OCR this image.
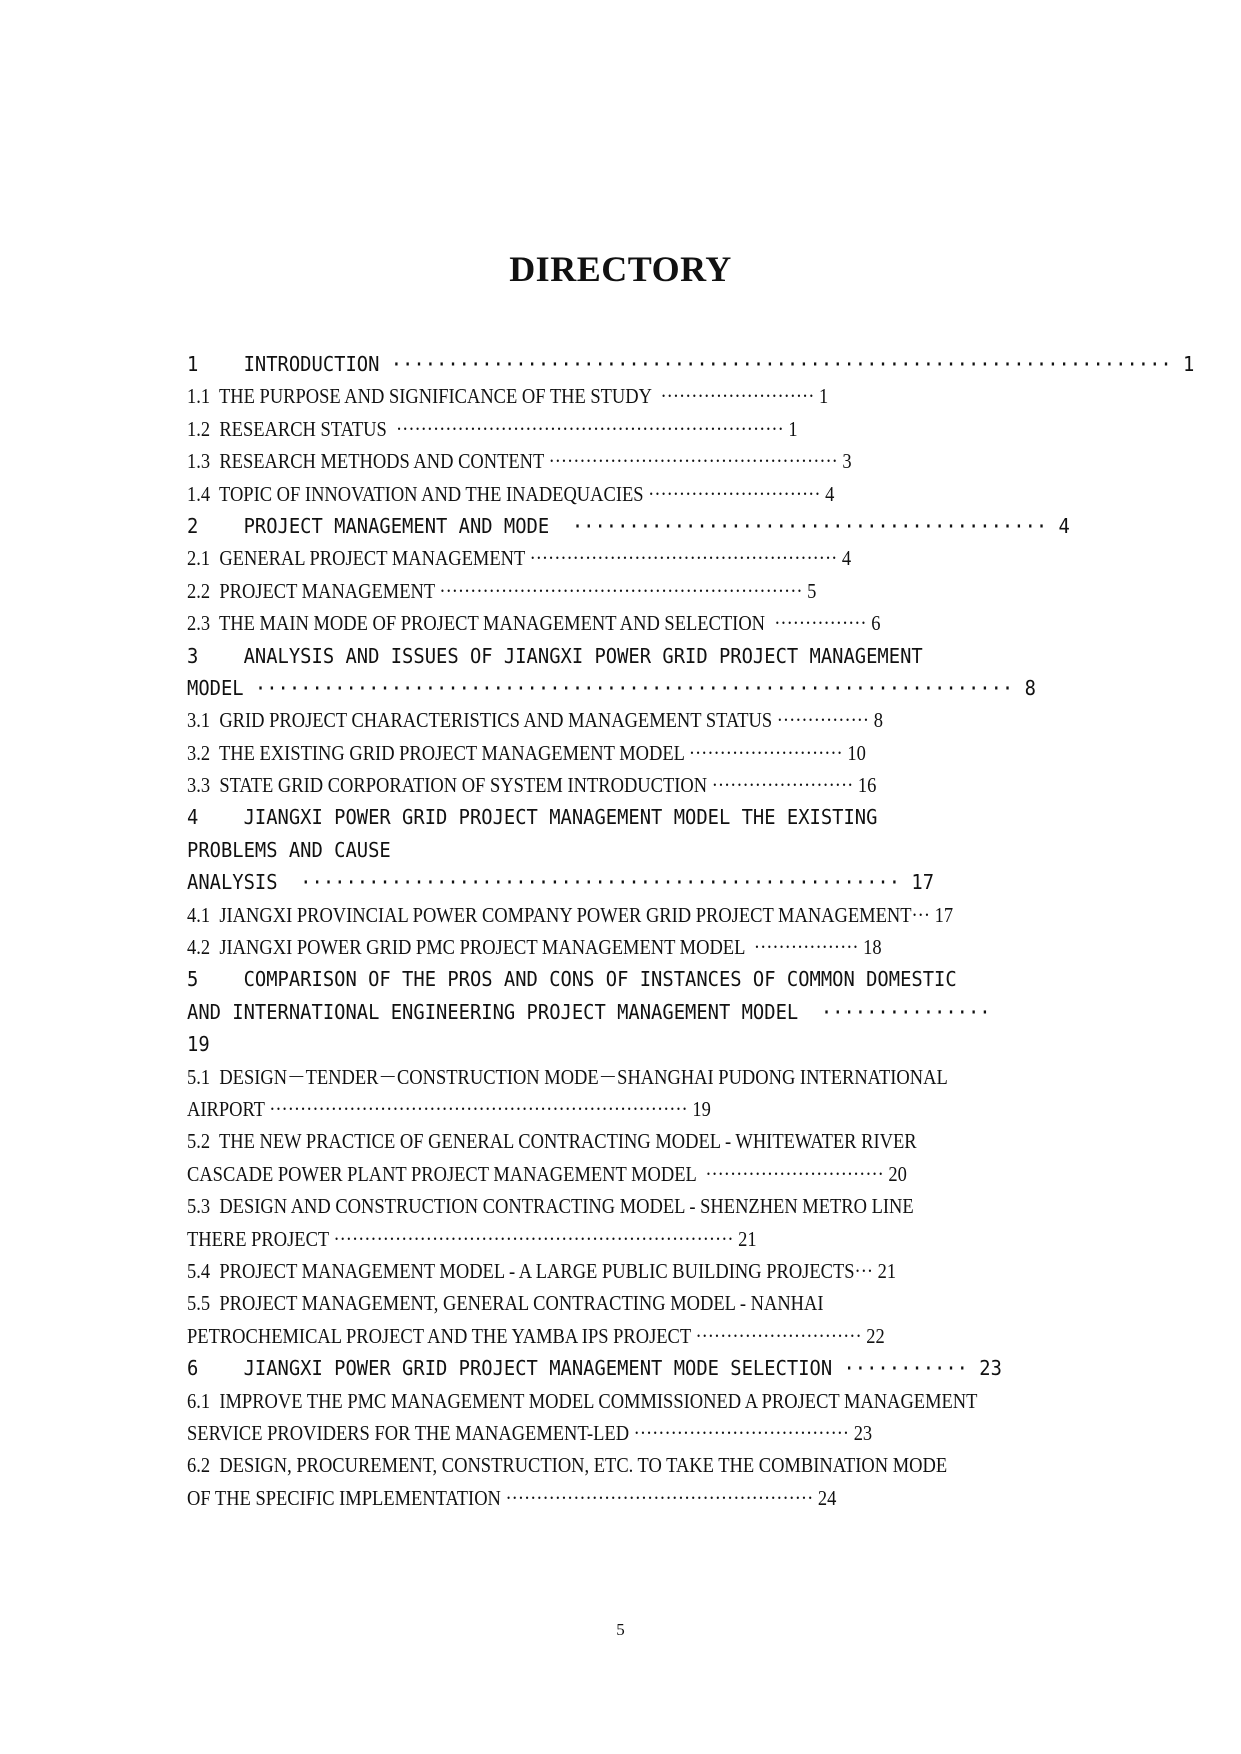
DIRECTORY
1    INTRODUCTION ····································································· 1
1.1  THE PURPOSE AND SIGNIFICANCE OF THE STUDY  ························· 1
1.2  RESEARCH STATUS  ······························································· 1
1.3  RESEARCH METHODS AND CONTENT ··············································· 3
1.4  TOPIC OF INNOVATION AND THE INADEQUACIES ···························· 4
2    PROJECT MANAGEMENT AND MODE  ·········································· 4
2.1  GENERAL PROJECT MANAGEMENT ·················································· 4
2.2  PROJECT MANAGEMENT ··························································· 5
2.3  THE MAIN MODE OF PROJECT MANAGEMENT AND SELECTION  ··············· 6
3    ANALYSIS AND ISSUES OF JIANGXI POWER GRID PROJECT MANAGEMENT
MODEL ··································································· 8
3.1  GRID PROJECT CHARACTERISTICS AND MANAGEMENT STATUS ··············· 8
3.2  THE EXISTING GRID PROJECT MANAGEMENT MODEL ························· 10
3.3  STATE GRID CORPORATION OF SYSTEM INTRODUCTION ······················· 16
4    JIANGXI POWER GRID PROJECT MANAGEMENT MODEL THE EXISTING
PROBLEMS AND CAUSE
ANALYSIS  ····················································· 17
4.1  JIANGXI PROVINCIAL POWER COMPANY POWER GRID PROJECT MANAGEMENT··· 17
4.2  JIANGXI POWER GRID PMC PROJECT MANAGEMENT MODEL  ················· 18
5    COMPARISON OF THE PROS AND CONS OF INSTANCES OF COMMON DOMESTIC
AND INTERNATIONAL ENGINEERING PROJECT MANAGEMENT MODEL  ···············
19
5.1  DESIGN－TENDER－CONSTRUCTION MODE－SHANGHAI PUDONG INTERNATIONAL
AIRPORT ···································································· 19
5.2  THE NEW PRACTICE OF GENERAL CONTRACTING MODEL - WHITEWATER RIVER
CASCADE POWER PLANT PROJECT MANAGEMENT MODEL  ····························· 20
5.3  DESIGN AND CONSTRUCTION CONTRACTING MODEL - SHENZHEN METRO LINE
THERE PROJECT ································································· 21
5.4  PROJECT MANAGEMENT MODEL - A LARGE PUBLIC BUILDING PROJECTS··· 21
5.5  PROJECT MANAGEMENT, GENERAL CONTRACTING MODEL - NANHAI
PETROCHEMICAL PROJECT AND THE YAMBA IPS PROJECT ··························· 22
6    JIANGXI POWER GRID PROJECT MANAGEMENT MODE SELECTION ··········· 23
6.1  IMPROVE THE PMC MANAGEMENT MODEL COMMISSIONED A PROJECT MANAGEMENT
SERVICE PROVIDERS FOR THE MANAGEMENT-LED ··································· 23
6.2  DESIGN, PROCUREMENT, CONSTRUCTION, ETC. TO TAKE THE COMBINATION MODE
OF THE SPECIFIC IMPLEMENTATION ·················································· 24
5
